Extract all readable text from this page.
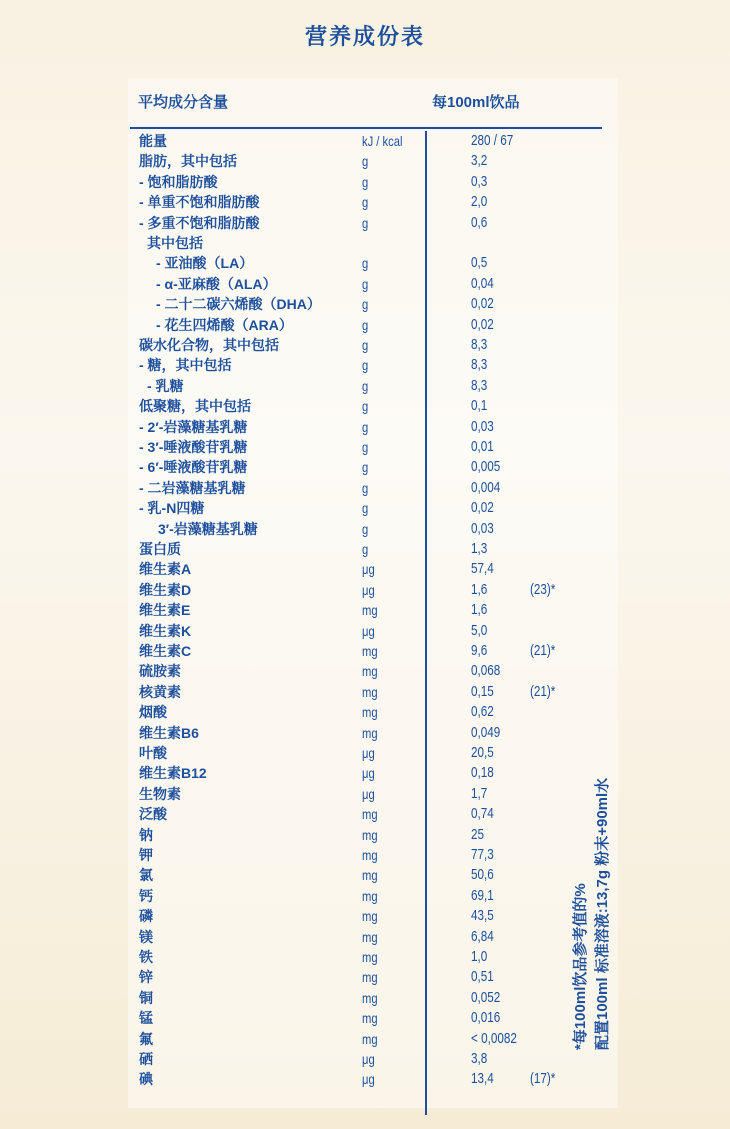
营养成份表
平均成分含量	每100ml饮品
能量	kJ / kcal	280 / 67
脂肪，其中包括	g	3,2
- 饱和脂肪酸	g	0,3
- 单重不饱和脂肪酸	g	2,0
- 多重不饱和脂肪酸	g	0,6
其中包括
- 亚油酸（LA）	g	0,5
- α-亚麻酸（ALA）	g	0,04
- 二十二碳六烯酸（DHA）	g	0,02
- 花生四烯酸（ARA）	g	0,02
碳水化合物，其中包括	g	8,3
- 糖，其中包括	g	8,3
- 乳糖	g	8,3
低聚糖，其中包括	g	0,1
- 2′-岩藻糖基乳糖	g	0,03
- 3′-唾液酸苷乳糖	g	0,01
- 6′-唾液酸苷乳糖	g	0,005
- 二岩藻糖基乳糖	g	0,004
- 乳-N四糖	g	0,02
3′-岩藻糖基乳糖	g	0,03
蛋白质	g	1,3
维生素A	μg	57,4
维生素D	μg	1,6	(23)*
维生素E	mg	1,6
维生素K	μg	5,0
维生素C	mg	9,6	(21)*
硫胺素	mg	0,068
核黄素	mg	0,15 (21)*
烟酸	mg	0,62
维生素B6	mg	0,049
叶酸	μg	20,5
维生素B12	μg	0,18
生物素	μg	1,7
泛酸	mg	0,74
钠	mg	25
钾	mg	77,3
氯	mg	50,6
钙	mg	69,1
磷	mg	43,5
镁	mg	6,84
铁	mg	1,0
锌	mg	0,51
铜	mg	0,052
锰	mg	0,016
氟	mg	< 0,0082
硒	μg	3,8
碘	μg	13,4 (17)*
*每100ml饮品参考值的% 配置100ml 标准溶液:13,7g 粉末+90ml水
